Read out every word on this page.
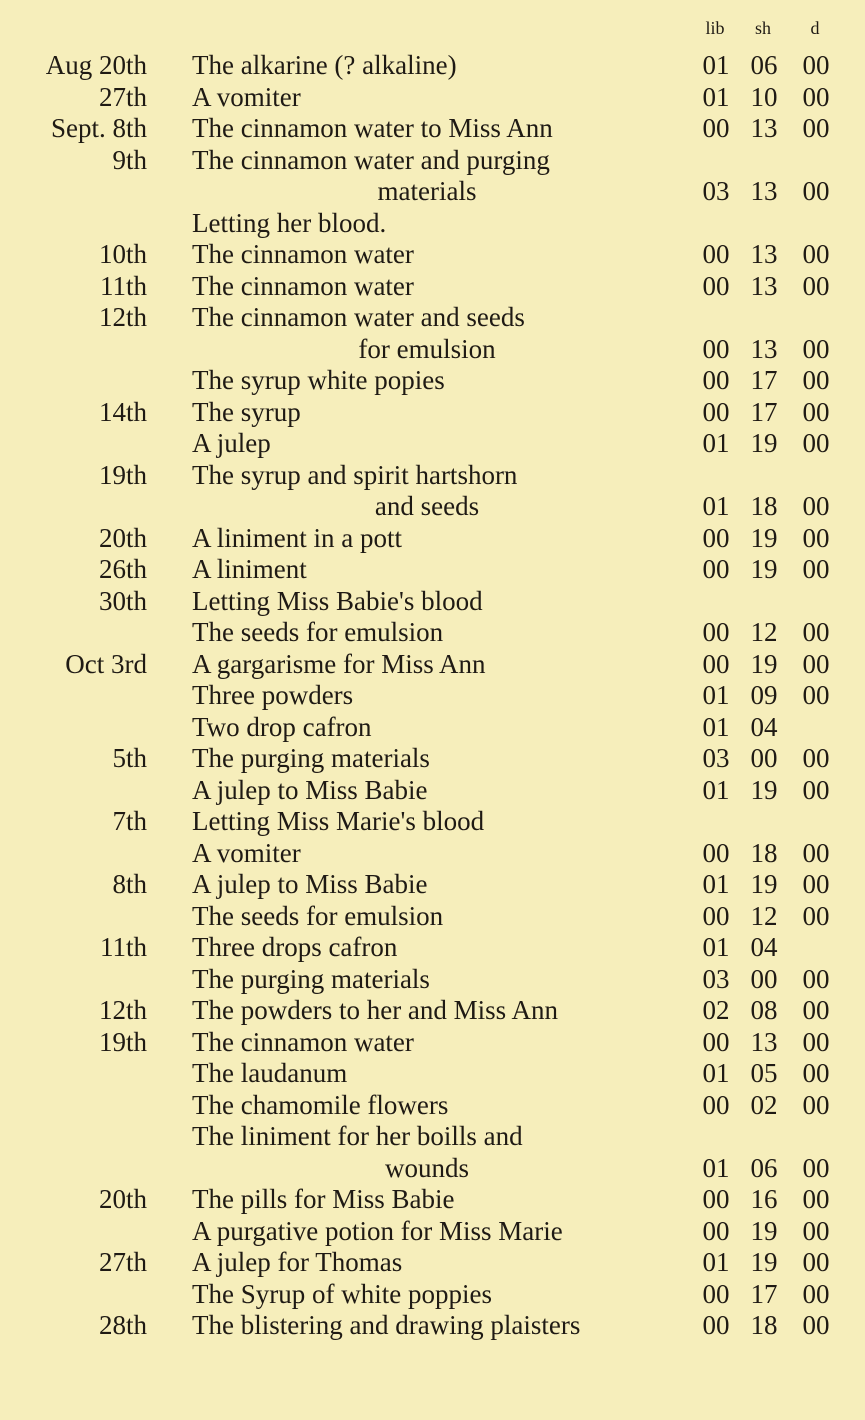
lib	sh	d
Aug 20th The alkarine (? alkaline)	01 06 00
27th A vomiter	01 10 00
Sept. 8th The cinnamon water to Miss Ann	00 13 00
9th The cinnamon water and purging
materials	03 13 00
Letting her blood.
10th The cinnamon water	00 13 00
11th The cinnamon water	00 13 00
12th The cinnamon water and seeds
for emulsion	00 13 00
The syrup white popies	00 17 00
14th The syrup	00 17 00
A julep	01 19 00
19th The syrup and spirit hartshorn
and seeds	01 18 00
20th A liniment in a pott	00 19 00
26th A liniment	00 19 00
30th Letting Miss Babie's blood
The seeds for emulsion	00 12 00
Oct 3rd A gargarisme for Miss Ann	00 19 00
Three powders	01 09 00
Two drop cafron	01 04
5th The purging materials	03 00 00
A julep to Miss Babie	01 19 00
7th Letting Miss Marie's blood
A vomiter	00 18 00
8th A julep to Miss Babie	01 19 00
The seeds for emulsion	00 12 00
11th Three drops cafron	01 04
The purging materials	03 00 00
12th The powders to her and Miss Ann	02 08 00
19th The cinnamon water	00 13 00
The laudanum	01 05 00
The chamomile flowers	00 02 00
The liniment for her boills and
wounds	01 06 00
20th The pills for Miss Babie	00 16 00
A purgative potion for Miss Marie	00 19 00
27th A julep for Thomas	01 19 00
The Syrup of white poppies	00 17 00
28th The blistering and drawing plaisters	00 18 00
